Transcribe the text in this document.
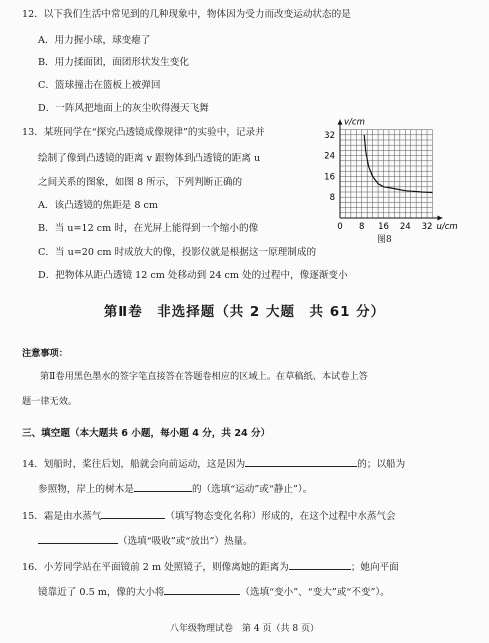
12．以下我们生活中常见到的几种现象中，物体因为受力而改变运动状态的是
A．用力握小球，球变瘪了
B．用力揉面团，面团形状发生变化
C．篮球撞击在篮板上被弹回
D．一阵风把地面上的灰尘吹得漫天飞舞
13．某班同学在“探究凸透镜成像规律”的实验中，记录并
绘制了像到凸透镜的距离 v 跟物体到凸透镜的距离 u
之间关系的图象，如图 8 所示，下列判断正确的
A．该凸透镜的焦距是 8 cm
B．当 u=12 cm 时，在光屏上能得到一个缩小的像
C．当 u=20 cm 时成放大的像，投影仪就是根据这一原理制成的
D．把物体从距凸透镜 12 cm 处移动到 24 cm 处的过程中，像逐渐变小
0 8 16 24 32
8
16
24
32
v/cm
u/cm
图8
第Ⅱ卷　非选择题（共 2 大题　共 61 分）
注意事项：
第Ⅱ卷用黑色墨水的签字笔直接答在答题卷相应的区域上。在草稿纸、本试卷上答
题一律无效。
三、填空题（本大题共 6 小题，每小题 4 分，共 24 分）
14．划船时，桨往后划，船就会向前运动，这是因为	的；以船为
参照物，岸上的树木是	的（选填“运动”或“静止”）。
15．霜是由水蒸气	（填写物态变化名称）形成的，在这个过程中水蒸气会
（选填“吸收”或“放出”）热量。
16．小芳同学站在平面镜前 2 m 处照镜子，则像离她的距离为	；她向平面
镜靠近了 0.5 m，像的大小将	（选填“变小”、“变大”或“不变”）。
八年级物理试卷　第 4 页（共 8 页）
